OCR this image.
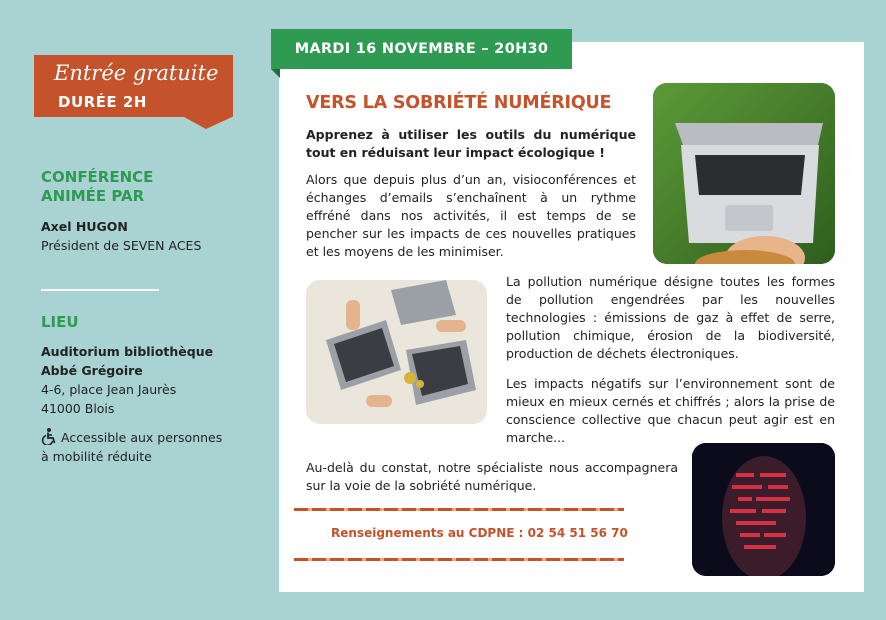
Entrée gratuite
DURÉE 2H
CONFÉRENCE
ANIMÉE PAR
Axel HUGON
Président de SEVEN ACES
LIEU
Auditorium bibliothèque
Abbé Grégoire
4-6, place Jean Jaurès
41000 Blois
Accessible aux personnes
à mobilité réduite
MARDI 16 NOVEMBRE – 20H30
VERS LA SOBRIÉTÉ NUMÉRIQUE
Apprenez à utiliser les outils du numérique tout en réduisant leur impact écologique !
Alors que depuis plus d’un an, visioconférences et échanges d’emails s’enchaînent à un rythme effréné dans nos activités, il est temps de se pencher sur les impacts de ces nouvelles pratiques et les moyens de les minimiser.
La pollution numérique désigne toutes les formes de pollution engendrées par les nouvelles technologies : émissions de gaz à effet de serre, pollution chimique, érosion de la biodiversité, production de déchets électroniques.
Les impacts négatifs sur l’environnement sont de mieux en mieux cernés et chiffrés ; alors la prise de conscience collective que chacun peut agir est en marche...
Au-delà du constat, notre spécialiste nous accompagnera sur la voie de la sobriété numérique.
Renseignements au CDPNE : 02 54 51 56 70
